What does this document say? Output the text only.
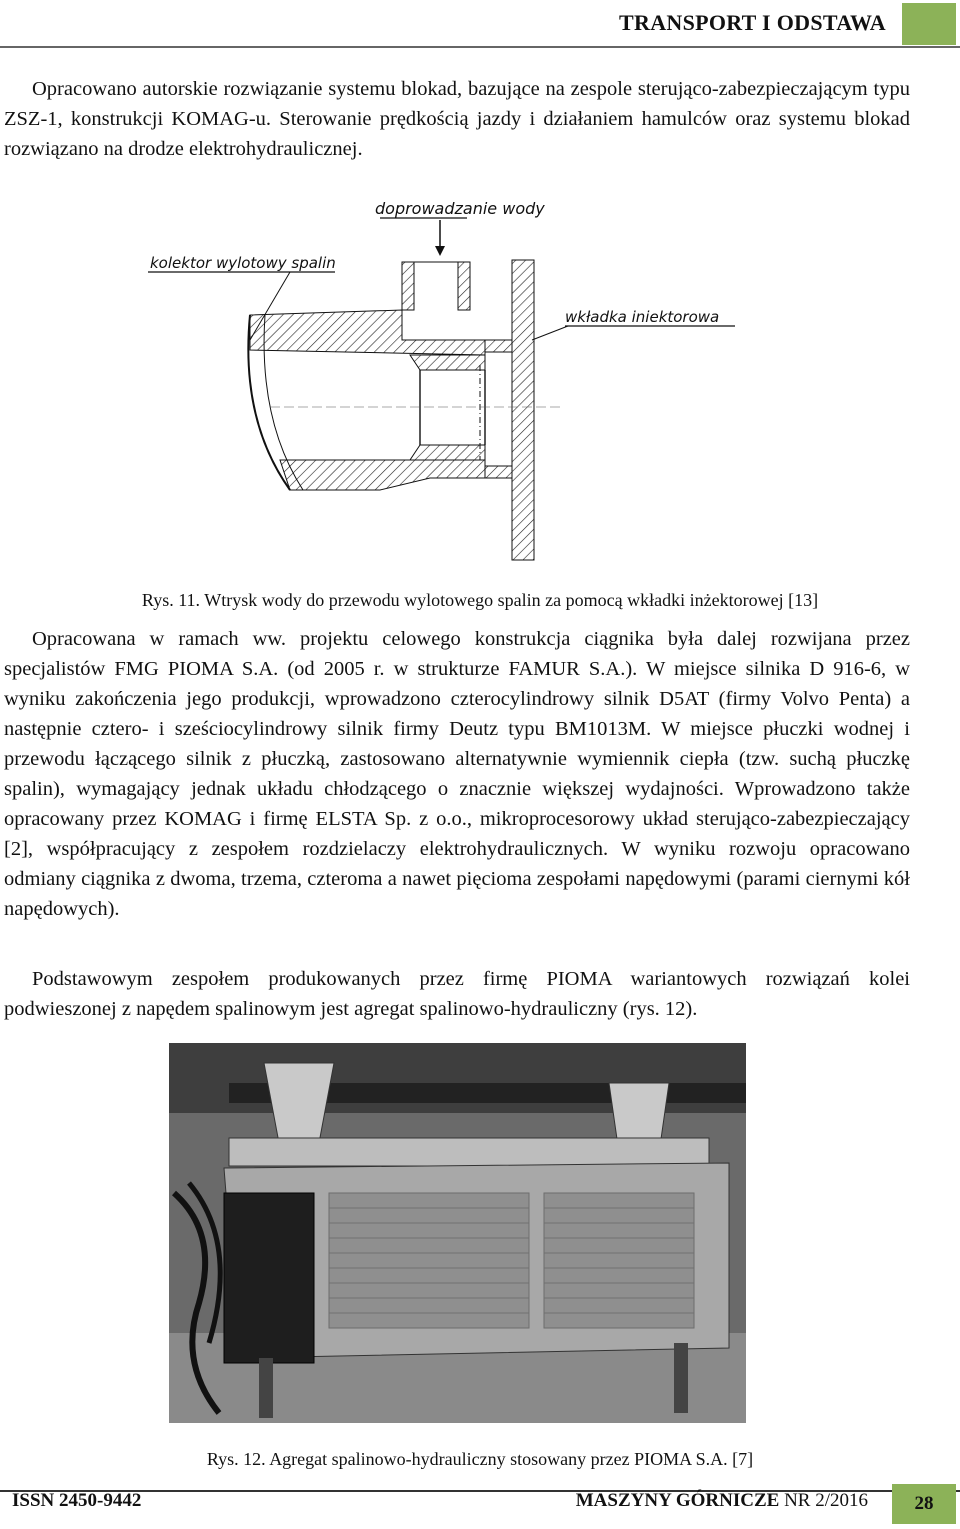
TRANSPORT I ODSTAWA

Opracowano autorskie rozwiązanie systemu blokad, bazujące na zespole sterująco-zabezpieczającym typu ZSZ-1, konstrukcji KOMAG-u. Sterowanie prędkością jazdy i działaniem hamulców oraz systemu blokad rozwiązano na drodze elektrohydraulicznej.

doprowadzanie wody
kolektor wylotowy spalin
wkładka iniektorowa
Rys. 11. Wtrysk wody do przewodu wylotowego spalin za pomocą wkładki inżektorowej [13]

Opracowana w ramach ww. projektu celowego konstrukcja ciągnika była dalej rozwijana przez specjalistów FMG PIOMA S.A. (od 2005 r. w strukturze FAMUR S.A.). W miejsce silnika D 916-6, w wyniku zakończenia jego produkcji, wprowadzono czterocylindrowy silnik D5AT (firmy Volvo Penta) a następnie cztero- i sześciocylindrowy silnik firmy Deutz typu BM1013M. W miejsce płuczki wodnej i przewodu łączącego silnik z płuczką, zastosowano alternatywnie wymiennik ciepła (tzw. suchą płuczkę spalin), wymagający jednak układu chłodzącego o znacznie większej wydajności. Wprowadzono także opracowany przez KOMAG i firmę ELSTA Sp. z o.o., mikroprocesorowy układ sterująco-zabezpieczający [2], współpracujący z zespołem rozdzielaczy elektrohydraulicznych. W wyniku rozwoju opracowano odmiany ciągnika z dwoma, trzema, czteroma a nawet pięcioma zespołami napędowymi (parami ciernymi kół napędowych).

Podstawowym zespołem produkowanych przez firmę PIOMA wariantowych rozwiązań kolei podwieszonej z napędem spalinowym jest agregat spalinowo-hydrauliczny (rys. 12).

Rys. 12. Agregat spalinowo-hydrauliczny stosowany przez PIOMA S.A. [7]
ISSN 2450-9442	MASZYNY GÓRNICZE NR 2/2016	28
